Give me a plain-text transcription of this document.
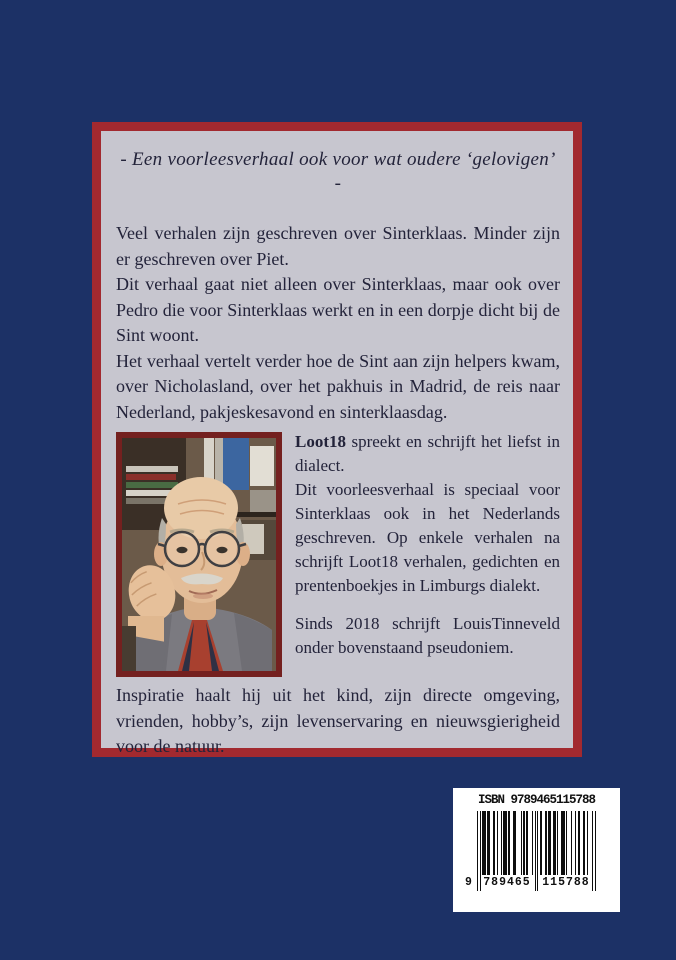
- Een voorleesverhaal ook voor wat oudere ‘gelovigen’ -

Veel verhalen zijn geschreven over Sinterklaas. Minder zijn er geschreven over Piet.

Dit verhaal gaat niet alleen over Sinterklaas, maar ook over Pedro die voor Sinterklaas werkt en in een dorpje dicht bij de Sint woont.

Het verhaal vertelt verder hoe de Sint aan zijn helpers kwam, over Nicholasland, over het pakhuis in Madrid, de reis naar Nederland, pakjeskesavond en sinterklaasdag.

Loot18 spreekt en schrijft het liefst in dialect.

Dit voorleesverhaal is speciaal voor Sinterklaas ook in het Nederlands geschreven. Op enkele verhalen na schrijft Loot18 verhalen, gedichten en prentenboekjes in Limburgs dialekt.

Sinds 2018 schrijft LouisTinneveld onder bovenstaand pseudoniem.

Inspiratie haalt hij uit het kind, zijn directe omgeving, vrienden, hobby’s, zijn levenservaring en nieuwsgierigheid voor de natuur.

ISBN 9789465115788
9 789465 115788
